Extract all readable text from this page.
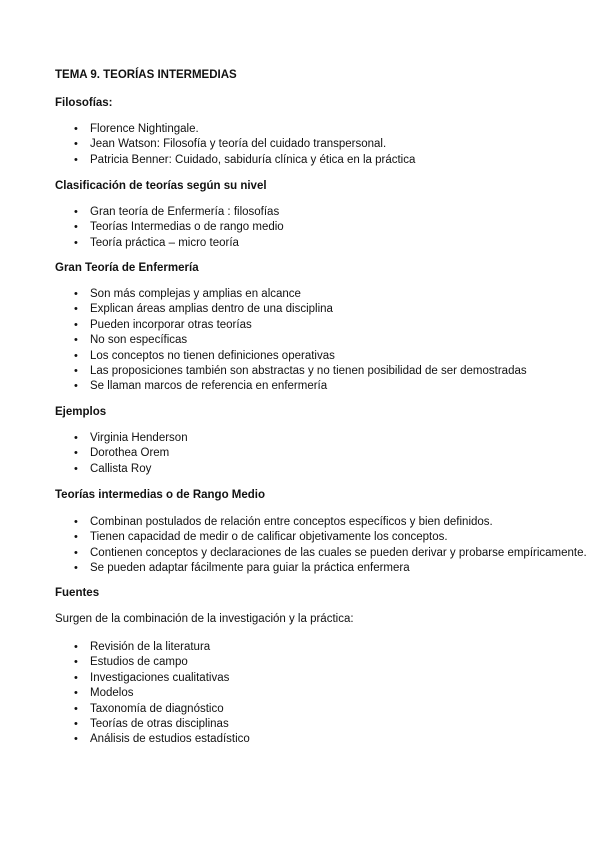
TEMA 9. TEORÍAS INTERMEDIAS
Filosofías:
• Florence Nightingale.
• Jean Watson: Filosofía y teoría del cuidado transpersonal.
• Patricia Benner: Cuidado, sabiduría clínica y ética en la práctica
Clasificación de teorías según su nivel
• Gran teoría de Enfermería : filosofías
• Teorías Intermedias o de rango medio
• Teoría práctica – micro teoría
Gran Teoría de Enfermería
• Son más complejas y amplias en alcance
• Explican áreas amplias dentro de una disciplina
• Pueden incorporar otras teorías
• No son específicas
• Los conceptos no tienen definiciones operativas
• Las proposiciones también son abstractas y no tienen posibilidad de ser demostradas
• Se llaman marcos de referencia en enfermería
Ejemplos
• Virginia Henderson
• Dorothea Orem
• Callista Roy
Teorías intermedias o de Rango Medio
• Combinan postulados de relación entre conceptos específicos y bien definidos.
• Tienen capacidad de medir o de calificar objetivamente los conceptos.
• Contienen conceptos y declaraciones de las cuales se pueden derivar y probarse empíricamente.
• Se pueden adaptar fácilmente para guiar la práctica enfermera
Fuentes
Surgen de la combinación de la investigación y la práctica:
• Revisión de la literatura
• Estudios de campo
• Investigaciones cualitativas
• Modelos
• Taxonomía de diagnóstico
• Teorías de otras disciplinas
• Análisis de estudios estadístico
